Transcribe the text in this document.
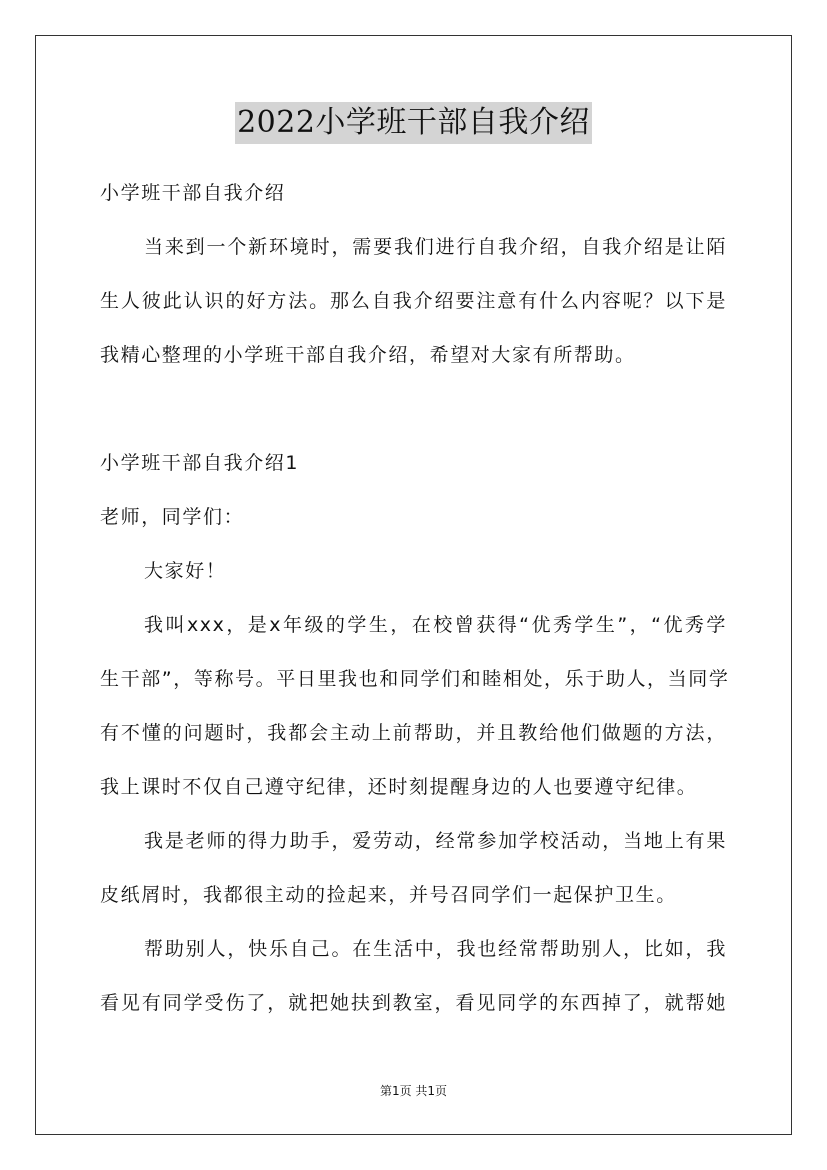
2022小学班干部自我介绍
小学班干部自我介绍
当来到一个新环境时，需要我们进行自我介绍，自我介绍是让陌
生人彼此认识的好方法。那么自我介绍要注意有什么内容呢？以下是
我精心整理的小学班干部自我介绍，希望对大家有所帮助。
小学班干部自我介绍1
老师，同学们：
大家好！
我叫xxx，是x年级的学生，在校曾获得“优秀学生”，“优秀学
生干部”，等称号。平日里我也和同学们和睦相处，乐于助人，当同学
有不懂的问题时，我都会主动上前帮助，并且教给他们做题的方法，
我上课时不仅自己遵守纪律，还时刻提醒身边的人也要遵守纪律。
我是老师的得力助手，爱劳动，经常参加学校活动，当地上有果
皮纸屑时，我都很主动的捡起来，并号召同学们一起保护卫生。
帮助别人，快乐自己。在生活中，我也经常帮助别人，比如，我
看见有同学受伤了，就把她扶到教室，看见同学的东西掉了，就帮她
第1页 共1页
